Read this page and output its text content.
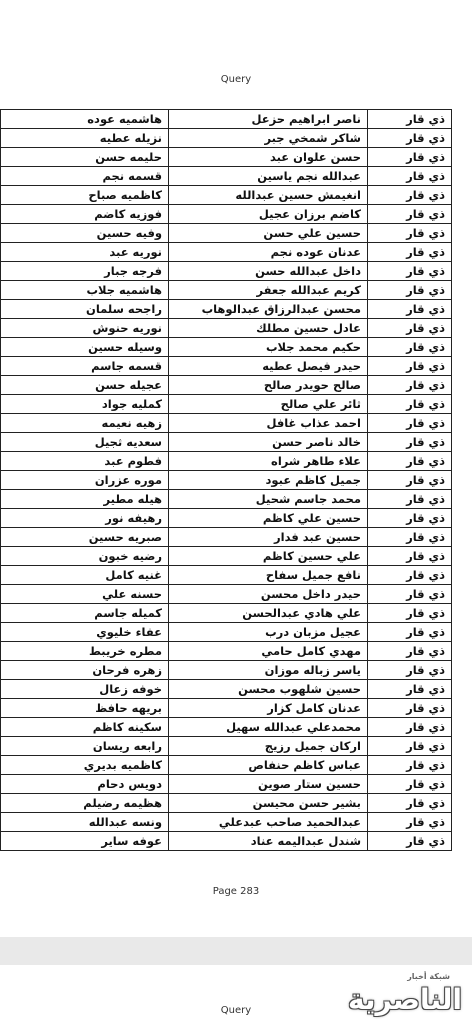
Query
ذي قار	ناصر ابراهيم حزعل	هاشميه عوده
ذي قار	شاكر شمخي جبر	نزيله عطيه
ذي قار	حسن علوان عبد	حليمه حسن
ذي قار	عبدالله نجم ياسين	قسمه نجم
ذي قار	انغيمش حسين عبدالله	كاظميه صباح
ذي قار	كاضم برزان عجيل	فوزيه كاضم
ذي قار	حسين علي حسن	وفيه حسين
ذي قار	عدنان عوده نجم	نوريه عبد
ذي قار	داخل عبدالله حسن	فرجه جبار
ذي قار	كريم عبدالله جعفر	هاشميه جلاب
ذي قار	محسن عبدالرزاق عبدالوهاب	راجحه سلمان
ذي قار	عادل حسين مطلك	نوريه حنوش
ذي قار	حكيم محمد جلاب	وسيله حسين
ذي قار	حيدر فيصل عطيه	قسمه جاسم
ذي قار	صالح حويدر صالح	عجيله حسن
ذي قار	ثائر علي صالح	كمليه جواد
ذي قار	احمد عذاب غافل	زهيه نعيمه
ذي قار	خالد ناصر حسن	سعديه ثجيل
ذي قار	علاء طاهر شراه	فطوم عبد
ذي قار	جميل كاظم عبود	موره عزران
ذي قار	محمد جاسم شحيل	هيله مطير
ذي قار	حسين علي كاظم	رهيفه نور
ذي قار	حسين عبد فدار	صبريه حسين
ذي قار	علي حسين كاظم	رضيه خبون
ذي قار	نافع جميل سفاح	غنيه كامل
ذي قار	حيدر داخل محسن	حسنه علي
ذي قار	علي هادي عبدالحسن	كميله جاسم
ذي قار	عجيل مزبان درب	عفاء خليوي
ذي قار	مهدي كامل حامي	مطره خريبط
ذي قار	ياسر زباله موزان	زهره فرحان
ذي قار	حسين شلهوب محسن	خوفه زعال
ذي قار	عدنان كامل كزار	بريهه حافظ
ذي قار	محمدعلي عبدالله سهيل	سكينه كاظم
ذي قار	اركان جميل رزيج	رابعه ريسان
ذي قار	عباس كاظم حنفاص	كاظميه بديري
ذي قار	حسين ستار صوين	دويس دحام
ذي قار	بشير حسن محيسن	هظيمه رضيلم
ذي قار	عبدالحميد صاحب عبدعلي	ونسه عبدالله
ذي قار	شندل عبداليمه عناد	عوفه ساير
Page 283
Query
شبكة أخبار
الناصرية
